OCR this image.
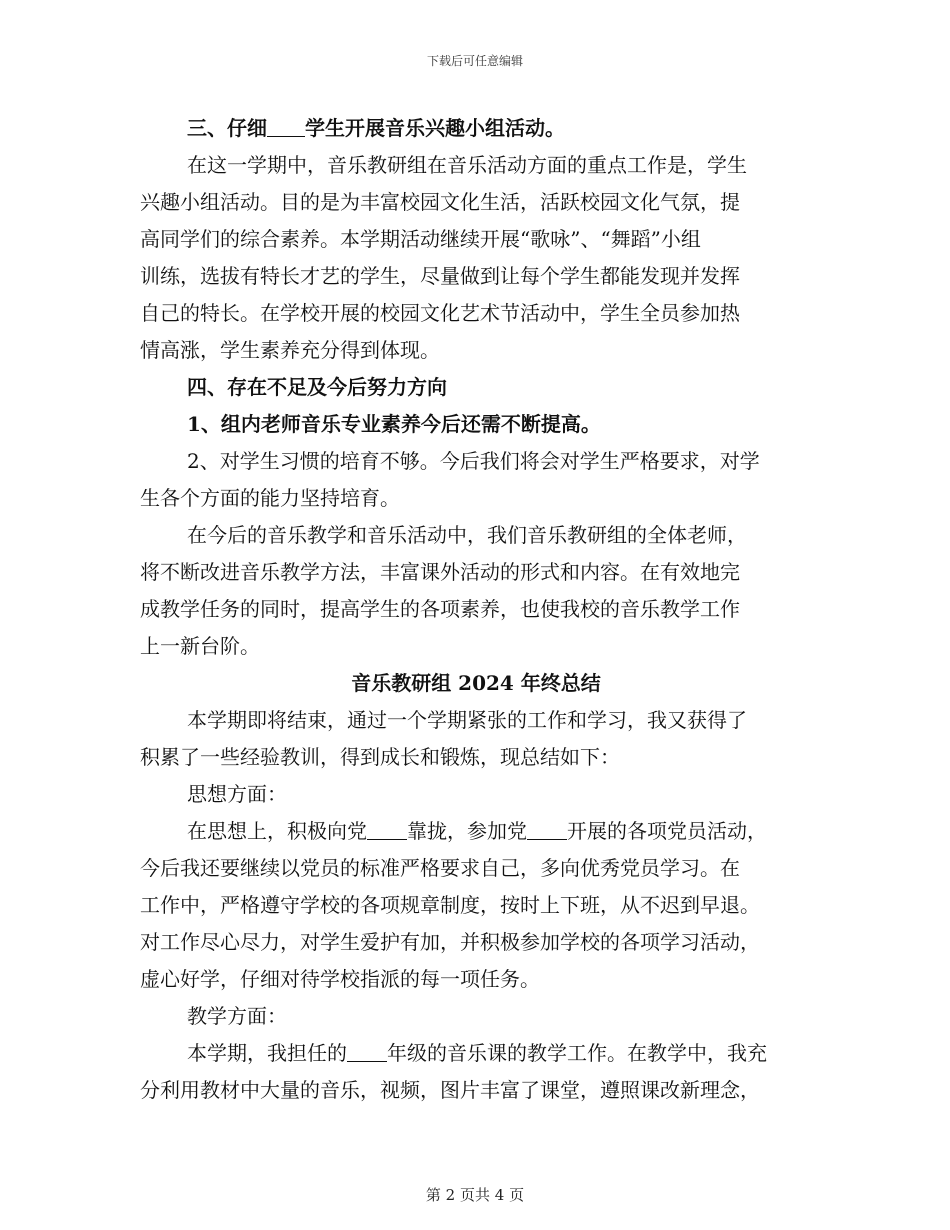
下载后可任意编辑
三、仔细 学生开展音乐兴趣小组活动。
在这一学期中，音乐教研组在音乐活动方面的重点工作是，学生
兴趣小组活动。目的是为丰富校园文化生活，活跃校园文化气氛，提
高同学们的综合素养。本学期活动继续开展“歌咏”、“舞蹈”小组
训练，选拔有特长才艺的学生，尽量做到让每个学生都能发现并发挥
自己的特长。在学校开展的校园文化艺术节活动中，学生全员参加热
情高涨，学生素养充分得到体现。
四、存在不足及今后努力方向
1、组内老师音乐专业素养今后还需不断提高。
2、对学生习惯的培育不够。今后我们将会对学生严格要求，对学
生各个方面的能力坚持培育。
在今后的音乐教学和音乐活动中，我们音乐教研组的全体老师，
将不断改进音乐教学方法，丰富课外活动的形式和内容。在有效地完
成教学任务的同时，提高学生的各项素养，也使我校的音乐教学工作
上一新台阶。
音乐教研组 2024 年终总结
本学期即将结束，通过一个学期紧张的工作和学习，我又获得了
积累了一些经验教训，得到成长和锻炼，现总结如下：
思想方面：
在思想上，积极向党 靠拢，参加党 开展的各项党员活动，
今后我还要继续以党员的标准严格要求自己，多向优秀党员学习。在
工作中，严格遵守学校的各项规章制度，按时上下班，从不迟到早退。
对工作尽心尽力，对学生爱护有加，并积极参加学校的各项学习活动，
虚心好学，仔细对待学校指派的每一项任务。
教学方面：
本学期，我担任的 年级的音乐课的教学工作。在教学中，我充
分利用教材中大量的音乐，视频，图片丰富了课堂，遵照课改新理念，
第 2 页共 4 页
